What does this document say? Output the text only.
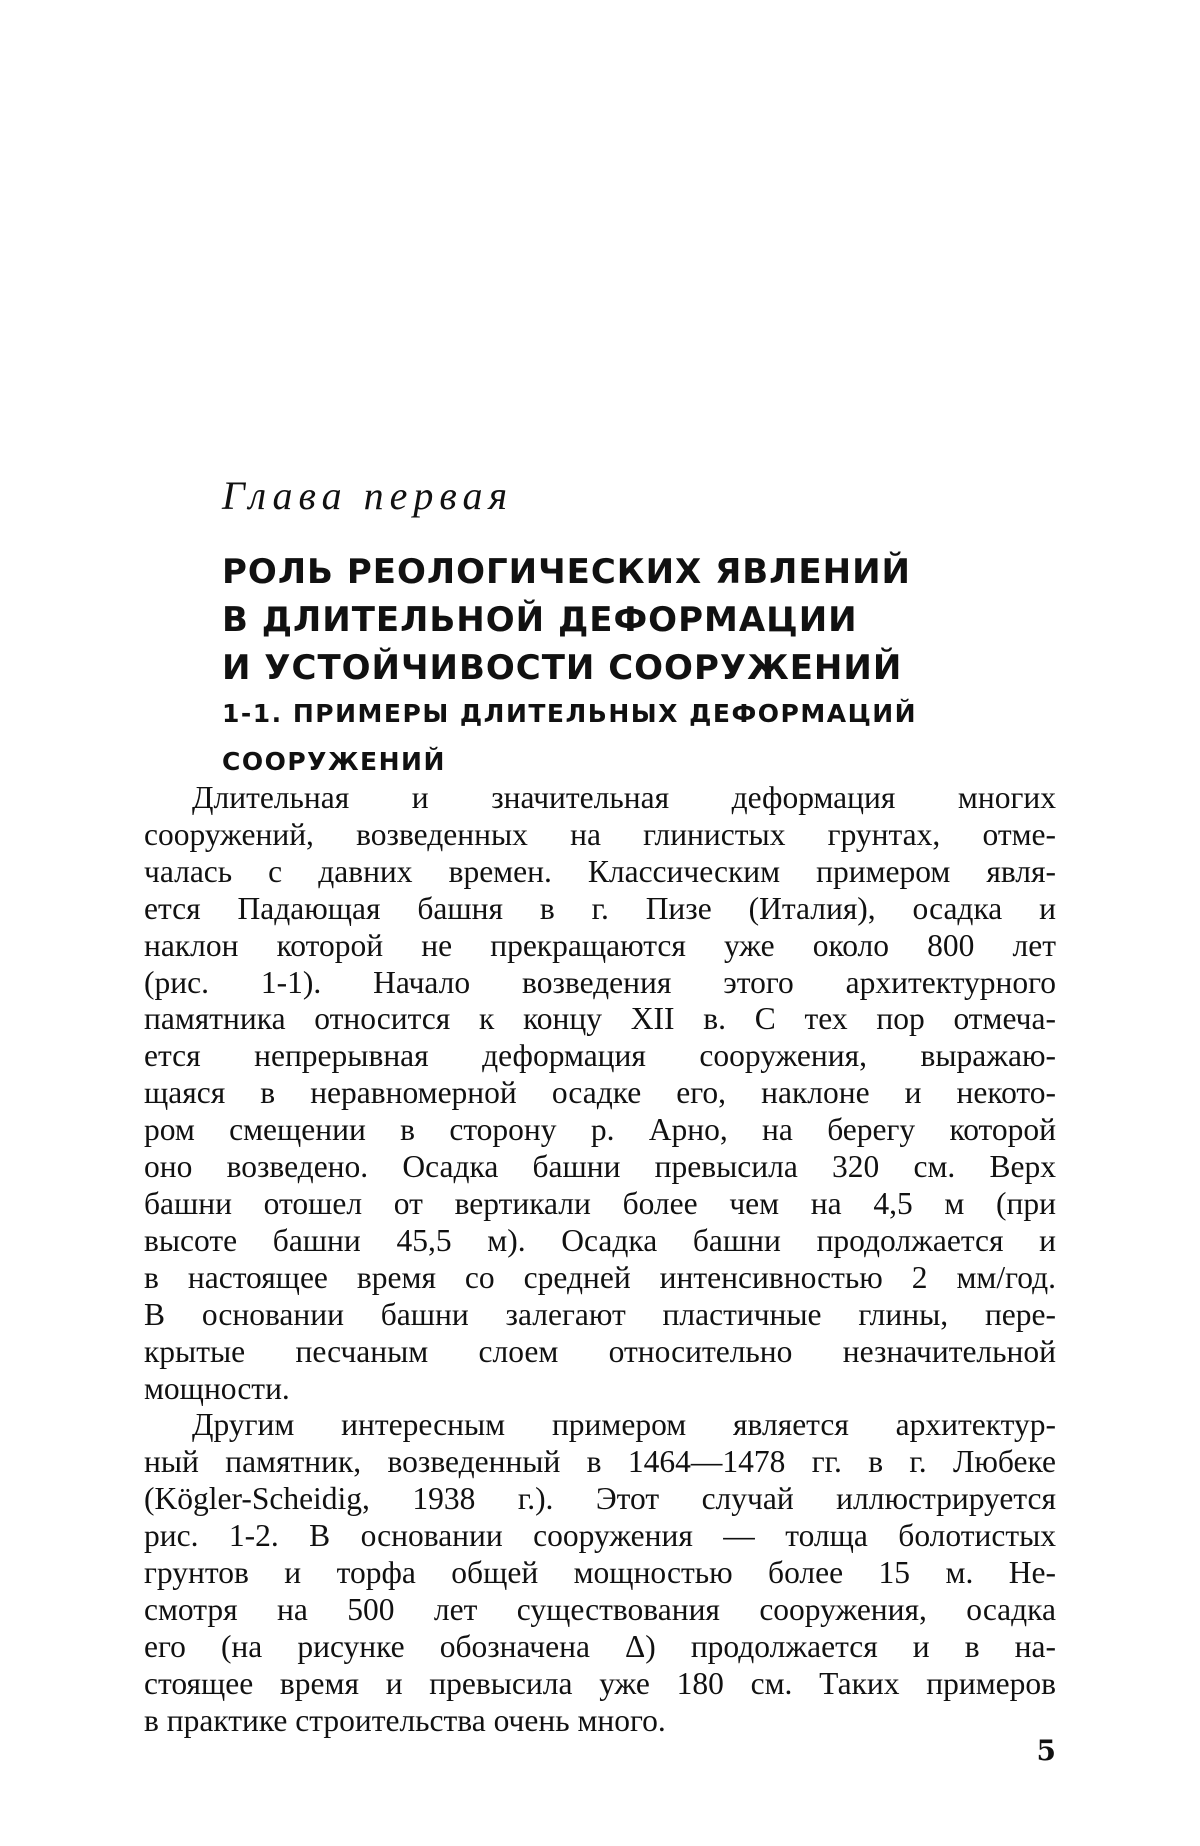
Глава первая
РОЛЬ РЕОЛОГИЧЕСКИХ ЯВЛЕНИЙ
В ДЛИТЕЛЬНОЙ ДЕФОРМАЦИИ
И УСТОЙЧИВОСТИ СООРУЖЕНИЙ
1-1. ПРИМЕРЫ ДЛИТЕЛЬНЫХ ДЕФОРМАЦИЙ
СООРУЖЕНИЙ

Длительная и значительная деформация многих
сооружений, возведенных на глинистых грунтах, отме-
чалась с давних времен. Классическим примером явля-
ется Падающая башня в г. Пизе (Италия), осадка и
наклон которой не прекращаются уже около 800 лет
(рис. 1-1). Начало возведения этого архитектурного
памятника относится к концу XII в. С тех пор отмеча-
ется непрерывная деформация сооружения, выражаю-
щаяся в неравномерной осадке его, наклоне и некото-
ром смещении в сторону р. Арно, на берегу которой
оно возведено. Осадка башни превысила 320 см. Верх
башни отошел от вертикали более чем на 4,5 м (при
высоте башни 45,5 м). Осадка башни продолжается и
в настоящее время со средней интенсивностью 2 мм/год.
В основании башни залегают пластичные глины, пере-
крытые песчаным слоем относительно незначительной
мощности.

Другим интересным примером является архитектур-
ный памятник, возведенный в 1464—1478 гг. в г. Любеке
(Kögler-Scheidig, 1938 г.). Этот случай иллюстрируется
рис. 1-2. В основании сооружения — толща болотистых
грунтов и торфа общей мощностью более 15 м. Не-
смотря на 500 лет существования сооружения, осадка
его (на рисунке обозначена Δ) продолжается и в на-
стоящее время и превысила уже 180 см. Таких примеров
в практике строительства очень много.

5
